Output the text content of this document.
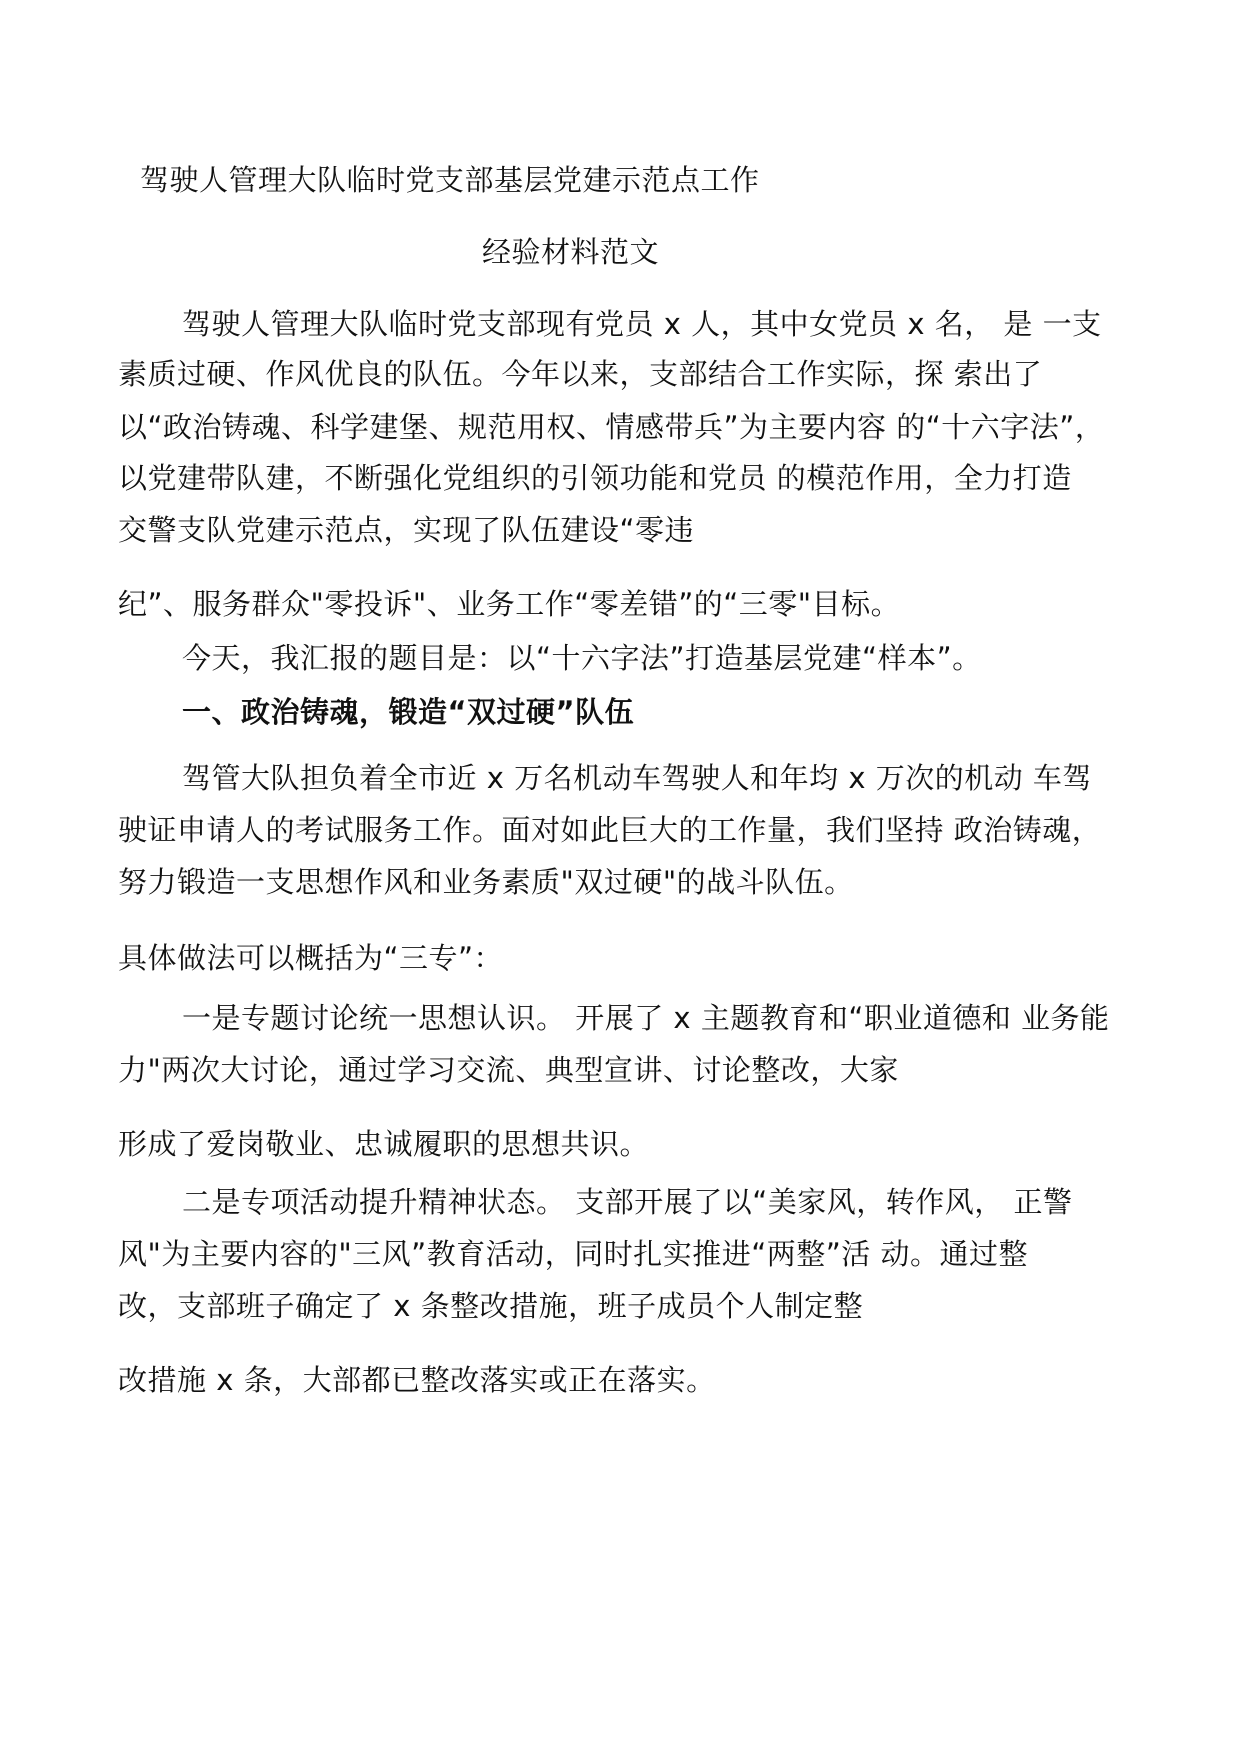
驾驶人管理大队临时党支部基层党建示范点工作
经验材料范文
驾驶人管理大队临时党支部现有党员 x 人，其中女党员 x 名， 是 一支
素质过硬、作风优良的队伍。今年以来，支部结合工作实际，探 索出了
以“政治铸魂、科学建堡、规范用权、情感带兵”为主要内容 的“十六字法”，
以党建带队建，不断强化党组织的引领功能和党员 的模范作用，全力打造
交警支队党建示范点，实现了队伍建设“零违
纪”、服务群众"零投诉"、业务工作“零差错”的“三零"目标。
今天，我汇报的题目是：以“十六字法”打造基层党建“样本”。
一、政治铸魂，锻造“双过硬”队伍
驾管大队担负着全市近 x 万名机动车驾驶人和年均 x 万次的机动 车驾
驶证申请人的考试服务工作。面对如此巨大的工作量，我们坚持 政治铸魂，
努力锻造一支思想作风和业务素质"双过硬"的战斗队伍。
具体做法可以概括为“三专”：
一是专题讨论统一思想认识。 开展了 x 主题教育和“职业道德和 业务能
力"两次大讨论，通过学习交流、典型宣讲、讨论整改，大家
形成了爱岗敬业、忠诚履职的思想共识。
二是专项活动提升精神状态。 支部开展了以“美家风，转作风， 正警
风"为主要内容的"三风”教育活动，同时扎实推进“两整”活 动。通过整
改，支部班子确定了 x 条整改措施，班子成员个人制定整
改措施 x 条，大部都已整改落实或正在落实。
